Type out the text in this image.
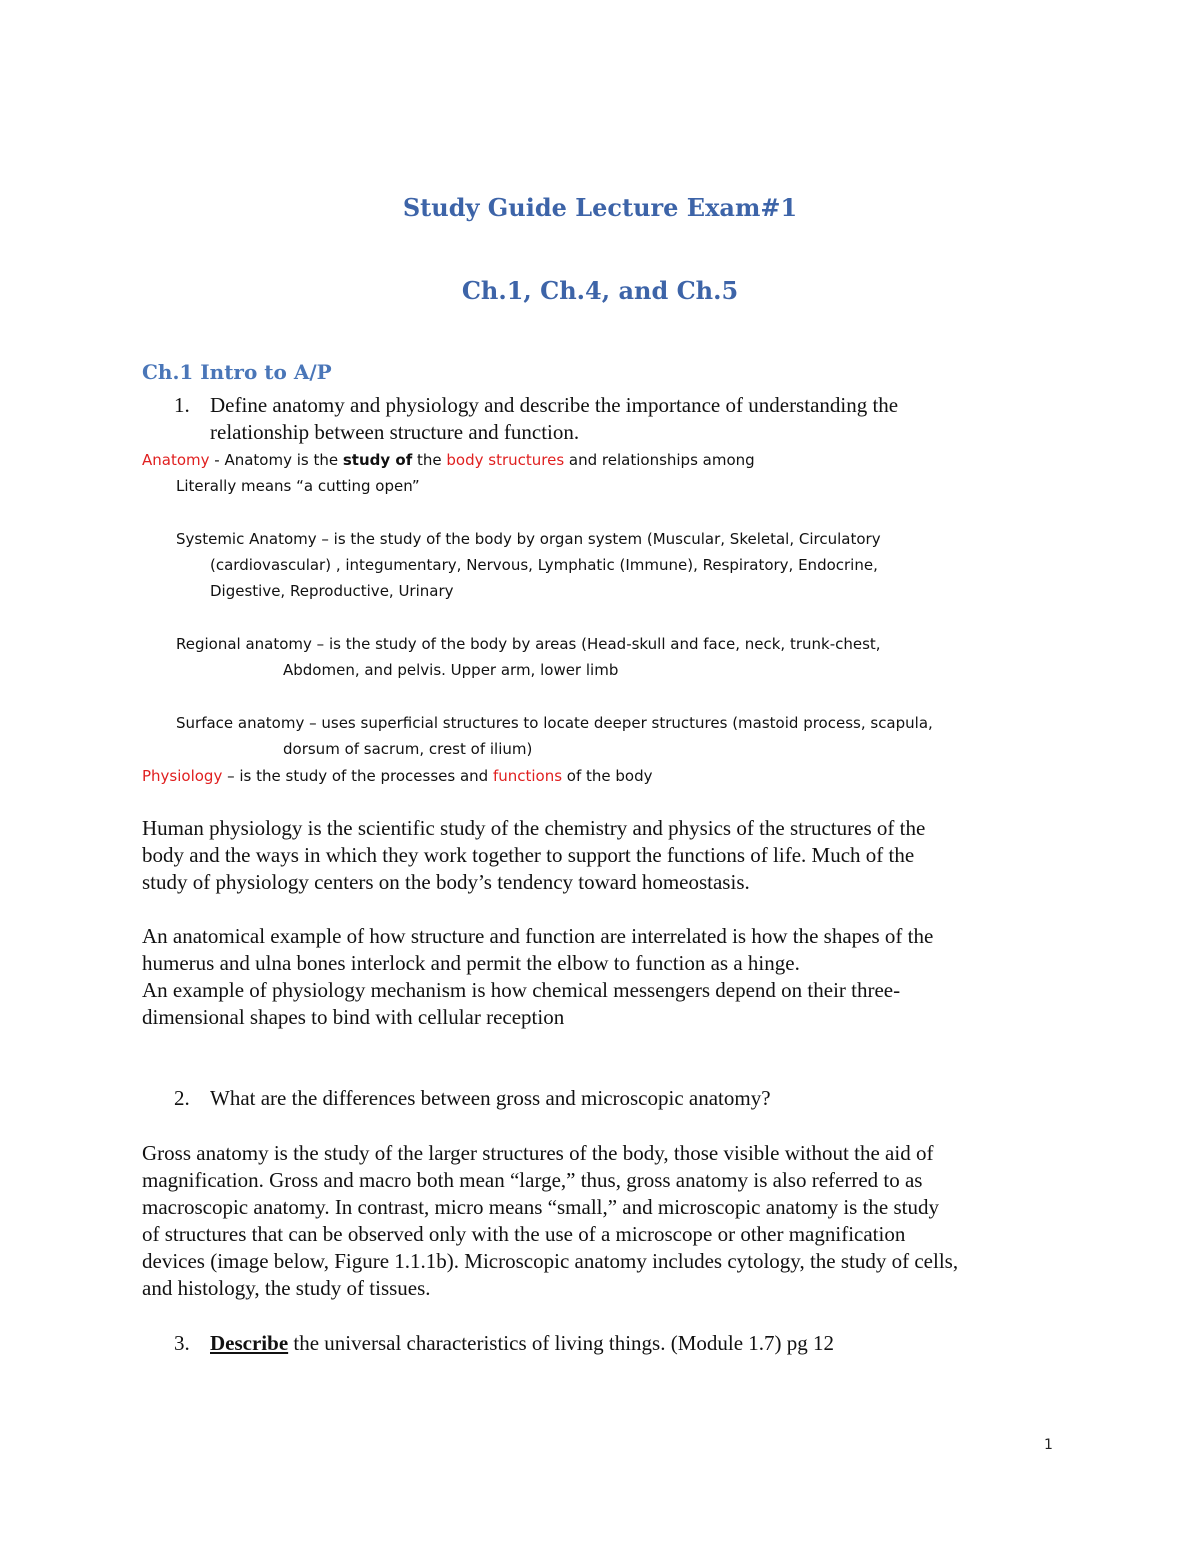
Study Guide Lecture Exam#1
Ch.1, Ch.4, and Ch.5
Ch.1 Intro to A/P
1. Define anatomy and physiology and describe the importance of understanding the
relationship between structure and function.
Anatomy - Anatomy is the study of the body structures and relationships among
Literally means “a cutting open”
Systemic Anatomy – is the study of the body by organ system (Muscular, Skeletal, Circulatory
(cardiovascular) , integumentary, Nervous, Lymphatic (Immune), Respiratory, Endocrine,
Digestive, Reproductive, Urinary
Regional anatomy – is the study of the body by areas (Head-skull and face, neck, trunk-chest,
Abdomen, and pelvis. Upper arm, lower limb
Surface anatomy – uses superficial structures to locate deeper structures (mastoid process, scapula,
dorsum of sacrum, crest of ilium)
Physiology – is the study of the processes and functions of the body
Human physiology is the scientific study of the chemistry and physics of the structures of the
body and the ways in which they work together to support the functions of life. Much of the
study of physiology centers on the body’s tendency toward homeostasis.
An anatomical example of how structure and function are interrelated is how the shapes of the
humerus and ulna bones interlock and permit the elbow to function as a hinge.
An example of physiology mechanism is how chemical messengers depend on their three-
dimensional shapes to bind with cellular reception
2. What are the differences between gross and microscopic anatomy?
Gross anatomy is the study of the larger structures of the body, those visible without the aid of
magnification. Gross and macro both mean “large,” thus, gross anatomy is also referred to as
macroscopic anatomy. In contrast, micro means “small,” and microscopic anatomy is the study
of structures that can be observed only with the use of a microscope or other magnification
devices (image below, Figure 1.1.1b). Microscopic anatomy includes cytology, the study of cells,
and histology, the study of tissues.
3. Describe the universal characteristics of living things. (Module 1.7) pg 12
1
